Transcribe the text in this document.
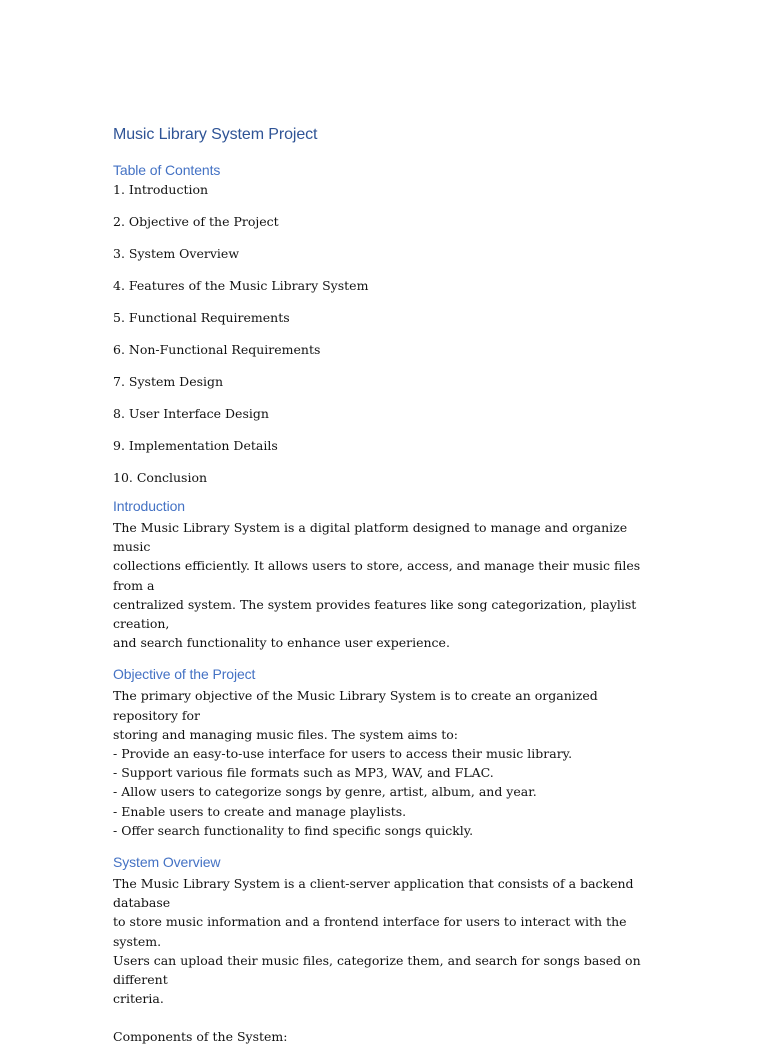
Music Library System Project
Table of Contents
1. Introduction
2. Objective of the Project
3. System Overview
4. Features of the Music Library System
5. Functional Requirements
6. Non-Functional Requirements
7. System Design
8. User Interface Design
9. Implementation Details
10. Conclusion
Introduction
The Music Library System is a digital platform designed to manage and organize music
collections efficiently. It allows users to store, access, and manage their music files from a
centralized system. The system provides features like song categorization, playlist creation,
and search functionality to enhance user experience.
Objective of the Project
The primary objective of the Music Library System is to create an organized repository for
storing and managing music files. The system aims to:
- Provide an easy-to-use interface for users to access their music library.
- Support various file formats such as MP3, WAV, and FLAC.
- Allow users to categorize songs by genre, artist, album, and year.
- Enable users to create and manage playlists.
- Offer search functionality to find specific songs quickly.
System Overview
The Music Library System is a client-server application that consists of a backend database
to store music information and a frontend interface for users to interact with the system.
Users can upload their music files, categorize them, and search for songs based on different
criteria.
Components of the System:
